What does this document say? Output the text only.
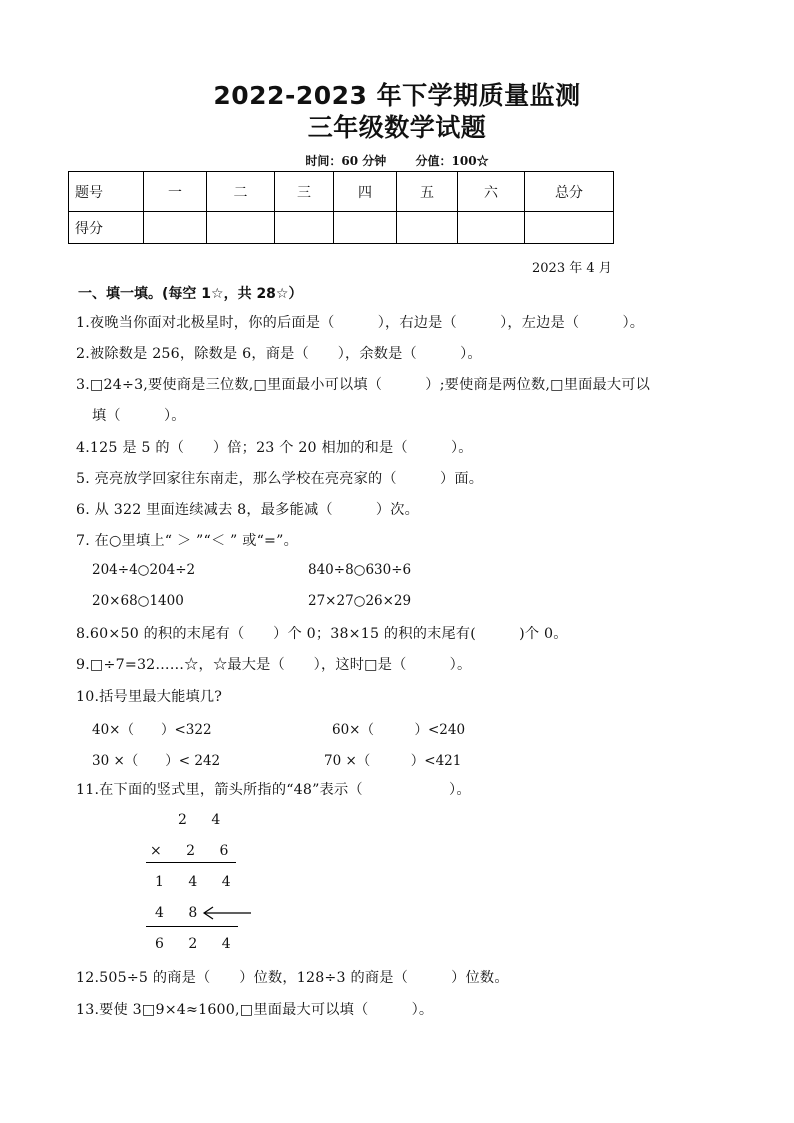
2022-2023 年下学期质量监测
三年级数学试题
时间：60 分钟       分值：100☆
题号	一	二	三	四	五	六	总分
得分							
2023 年 4 月
一、填一填。(每空 1☆，共 28☆）
1.夜晚当你面对北极星时，你的后面是（　　　），右边是（　　　），左边是（　　　）。
2.被除数是 256，除数是 6，商是（　　），余数是（　　　）。
3.□24÷3,要使商是三位数,□里面最小可以填（　　　）;要使商是两位数,□里面最大可以
填（　　　）。
4.125 是 5 的（　　）倍；23 个 20 相加的和是（　　　）。
5. 亮亮放学回家往东南走，那么学校在亮亮家的（　　　）面。
6. 从 322 里面连续减去 8，最多能减（　　　）次。
7. 在○里填上“ ＞ ”“＜ ” 或“=”。
204÷4○204÷2	840÷8○630÷6
20×68○1400	27×27○26×29
8.60×50 的积的末尾有（　　）个 0；38×15 的积的末尾有(　　　)个 0。
9.□÷7=32……☆，☆最大是（　　），这时□是（　　　）。
10.括号里最大能填几?
40×（　　）<322	60×（　　　）<240
30 ×（　　）< 242	70 ×（　　　）<421
11.在下面的竖式里，箭头所指的“48”表示（　　　　　　）。
2 4
× 2 6
1 4 4
4 8
6 2 4
12.505÷5 的商是（　　）位数，128÷3 的商是（　　　）位数。
13.要使 3□9×4≈1600,□里面最大可以填（　　　）。
